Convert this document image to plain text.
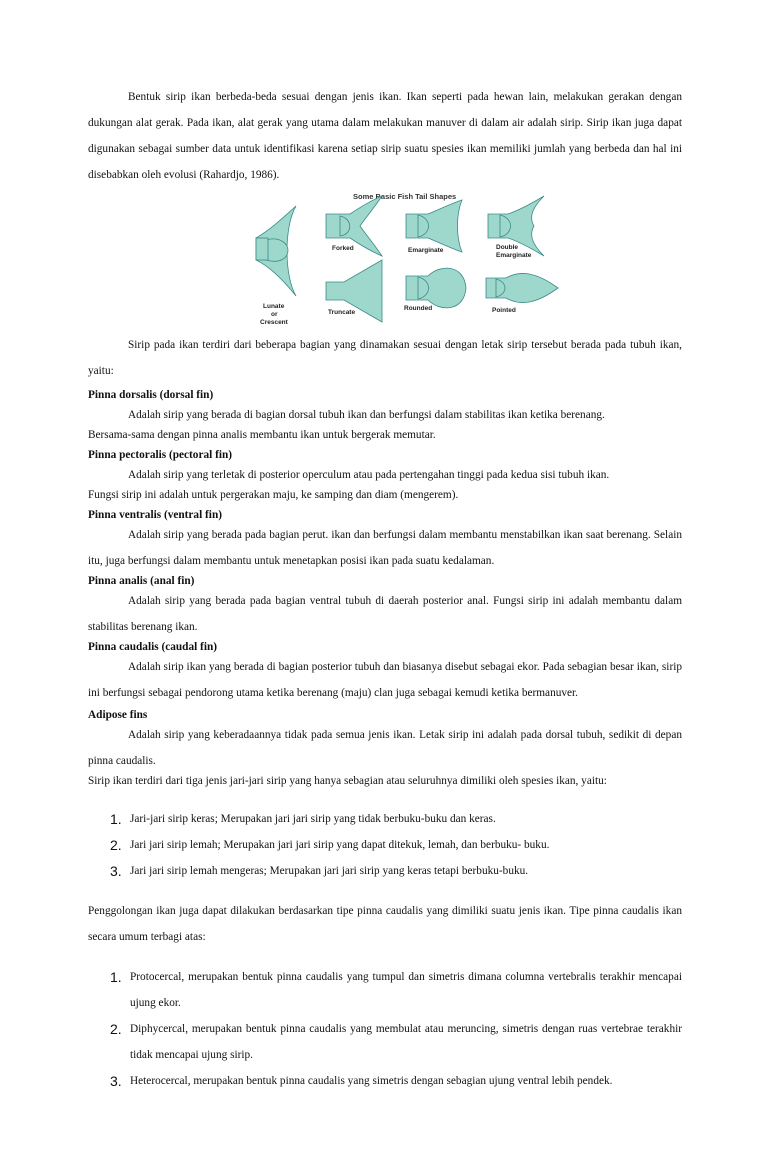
Bentuk sirip ikan berbeda-beda sesuai dengan jenis ikan. Ikan seperti pada hewan lain, melakukan gerakan dengan dukungan alat gerak. Pada ikan, alat gerak yang utama dalam melakukan manuver di dalam air adalah sirip. Sirip ikan juga dapat digunakan sebagai sumber data untuk identifikasi karena setiap sirip suatu spesies ikan memiliki jumlah yang berbeda dan hal ini disebabkan oleh evolusi (Rahardjo, 1986).

Some Basic Fish Tail Shapes
Lunate
or
Crescent
Forked	Emarginate	Double
Emarginate
Truncate
Rounded	Pointed

Sirip pada ikan terdiri dari beberapa bagian yang dinamakan sesuai dengan letak sirip tersebut berada pada tubuh ikan, yaitu:

Pinna dorsalis (dorsal fin)

Adalah sirip yang berada di bagian dorsal tubuh ikan dan berfungsi dalam stabilitas ikan ketika berenang.

Bersama-sama dengan pinna analis membantu ikan untuk bergerak memutar.

Pinna pectoralis (pectoral fin)

Adalah sirip yang terletak di posterior operculum atau pada pertengahan tinggi pada kedua sisi tubuh ikan.

Fungsi sirip ini adalah untuk pergerakan maju, ke samping dan diam (mengerem).

Pinna ventralis (ventral fin)

Adalah sirip yang berada pada bagian perut. ikan dan berfungsi dalam membantu menstabilkan ikan saat berenang. Selain itu, juga berfungsi dalam membantu untuk menetapkan posisi ikan pada suatu kedalaman.

Pinna analis (anal fin)

Adalah sirip yang berada pada bagian ventral tubuh di daerah posterior anal. Fungsi sirip ini adalah membantu dalam stabilitas berenang ikan.

Pinna caudalis (caudal fin)

Adalah sirip ikan yang berada di bagian posterior tubuh dan biasanya disebut sebagai ekor. Pada sebagian besar ikan, sirip ini berfungsi sebagai pendorong utama ketika berenang (maju) clan juga sebagai kemudi ketika bermanuver.

Adipose fins

Adalah sirip yang keberadaannya tidak pada semua jenis ikan. Letak sirip ini adalah pada dorsal tubuh, sedikit di depan pinna caudalis.

Sirip ikan terdiri dari tiga jenis jari-jari sirip yang hanya sebagian atau seluruhnya dimiliki oleh spesies ikan, yaitu:

1. Jari-jari sirip keras; Merupakan jari jari sirip yang tidak berbuku-buku dan keras.
2. Jari jari sirip lemah; Merupakan jari jari sirip yang dapat ditekuk, lemah, dan berbuku- buku.
3. Jari jari sirip lemah mengeras; Merupakan jari jari sirip yang keras tetapi berbuku-buku.

Penggolongan ikan juga dapat dilakukan berdasarkan tipe pinna caudalis yang dimiliki suatu jenis ikan. Tipe pinna caudalis ikan secara umum terbagi atas:

1. Protocercal, merupakan bentuk pinna caudalis yang tumpul dan simetris dimana columna vertebralis terakhir mencapai ujung ekor.
2. Diphycercal, merupakan bentuk pinna caudalis yang membulat atau meruncing, simetris dengan ruas vertebrae terakhir tidak mencapai ujung sirip.
3. Heterocercal, merupakan bentuk pinna caudalis yang simetris dengan sebagian ujung ventral lebih pendek.
